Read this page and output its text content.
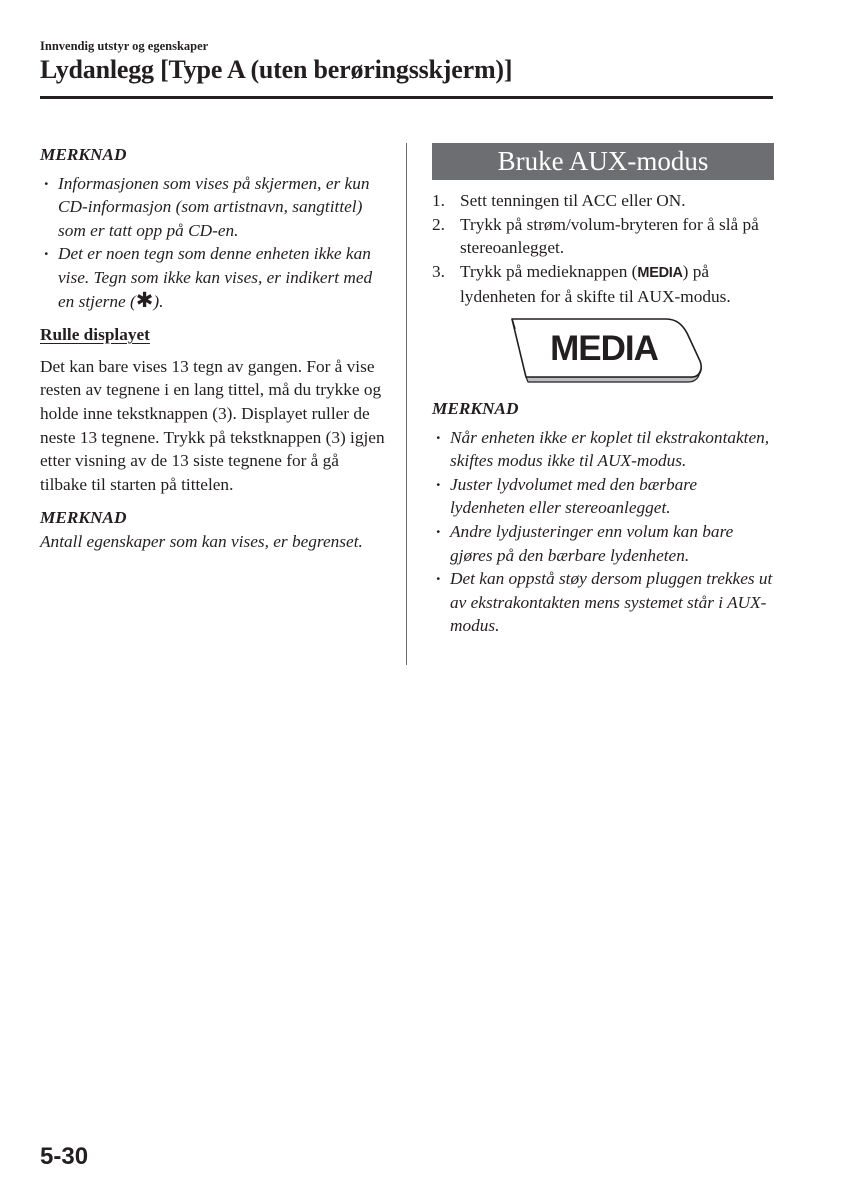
Innvendig utstyr og egenskaper
Lydanlegg [Type A (uten berøringsskjerm)]

MERKNAD

· Informasjonen som vises på skjermen, er kun CD-informasjon (som artistnavn, sangtittel) som er tatt opp på CD-en.
· Det er noen tegn som denne enheten ikke kan vise. Tegn som ikke kan vises, er indikert med en stjerne (✱).

Rulle displayet

Det kan bare vises 13 tegn av gangen. For å vise resten av tegnene i en lang tittel, må du trykke og holde inne tekstknappen (3). Displayet ruller de neste 13 tegnene. Trykk på tekstknappen (3) igjen etter visning av de 13 siste tegnene for å gå tilbake til starten på tittelen.

MERKNAD

Antall egenskaper som kan vises, er begrenset.

Bruke AUX-modus
1. Sett tenningen til ACC eller ON.
2. Trykk på strøm/volum-bryteren for å slå på stereoanlegget.
3. Trykk på medieknappen (MEDIA) på lydenheten for å skifte til AUX-modus.
MEDIA

MERKNAD

· Når enheten ikke er koplet til ekstrakontakten, skiftes modus ikke til AUX-modus.
· Juster lydvolumet med den bærbare lydenheten eller stereoanlegget.
· Andre lydjusteringer enn volum kan bare gjøres på den bærbare lydenheten.
· Det kan oppstå støy dersom pluggen trekkes ut av ekstrakontakten mens systemet står i AUX-modus.
5-30
